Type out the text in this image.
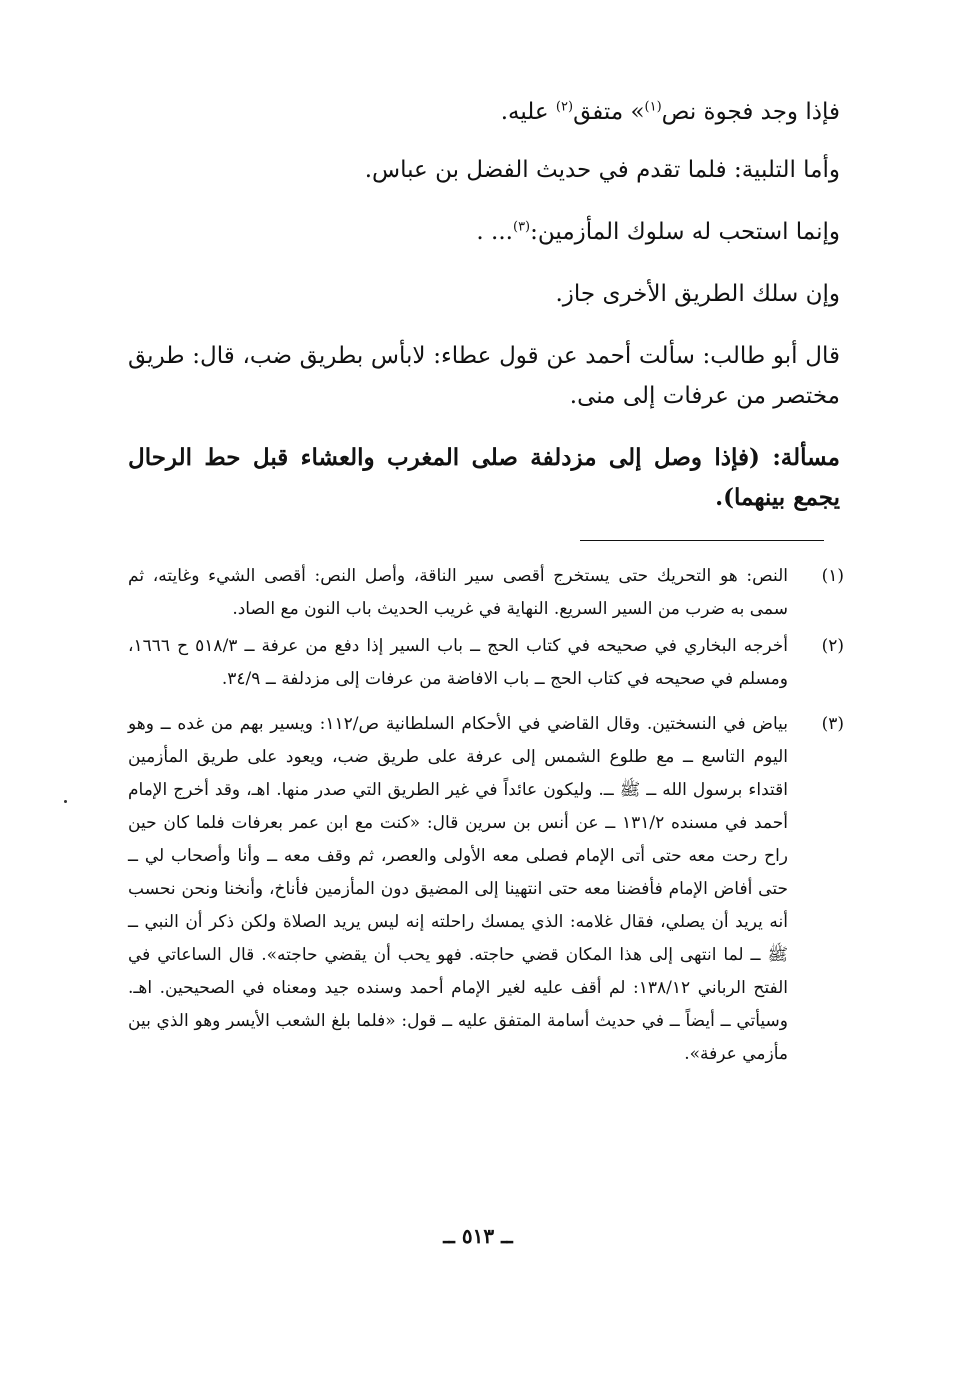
فإذا وجد فجوة نص$^{(١)}$» متفق$^{(٢)}$ عليه.

وأما التلبية: فلما تقدم في حديث الفضل بن عباس.

وإنما استحب له سلوك المأزمين:$^{(٣)}$... .

وإن سلك الطريق الأخرى جاز.

قال أبو طالب: سألت أحمد عن قول عطاء: لابأس بطريق ضب، قال: طريق مختصر من عرفات إلى منى.

مسألة: (فإذا وصل إلى مزدلفة صلى المغرب والعشاء قبل حط الرحال يجمع بينهما).

(١)

النص: هو التحريك حتى يستخرج أقصى سير الناقة، وأصل النص: أقصى الشيء وغايته، ثم سمى به ضرب من السير السريع. النهاية في غريب الحديث باب النون مع الصاد.

(٢)

أخرجه البخاري في صحيحه في كتاب الحج ــ باب السير إذا دفع من عرفة ــ ٥١٨/٣ ح ١٦٦٦، ومسلم في صحيحه في كتاب الحج ــ باب الافاضة من عرفات إلى مزدلفة ــ ٣٤/٩.

(٣)

بياض في النسختين. وقال القاضي في الأحكام السلطانية ص/١١٢: ويسير بهم من غده ــ وهو اليوم التاسع ــ مع طلوع الشمس إلى عرفة على طريق ضب، ويعود على طريق المأزمين اقتداء برسول الله ــ ﷺ ــ. وليكون عائداً في غير الطريق التي صدر منها. اهـ، وقد أخرج الإمام أحمد في مسنده ١٣١/٢ ــ عن أنس بن سرين قال: «كنت مع ابن عمر بعرفات فلما كان حين راح رحت معه حتى أتى الإمام فصلى معه الأولى والعصر، ثم وقف معه ــ وأنا وأصحاب لي ــ حتى أفاض الإمام فأفضنا معه حتى انتهينا إلى المضيق دون المأزمين فأناخ، وأنخنا ونحن نحسب أنه يريد أن يصلي، فقال غلامه: الذي يمسك راحلته إنه ليس يريد الصلاة ولكن ذكر أن النبي ــ ﷺ ــ لما انتهى إلى هذا المكان قضي حاجته. فهو يحب أن يقضي حاجته». قال الساعاتي في الفتح الرباني ١٣٨/١٢: لم أقف عليه لغير الإمام أحمد وسنده جيد ومعناه في الصحيحين. اهـ. وسيأتي ــ أيضاً ــ في حديث أسامة المتفق عليه ــ قول: «فلما بلغ الشعب الأيسر وهو الذي بين مأزمي عرفة».

ــ ٥١٣ ــ
